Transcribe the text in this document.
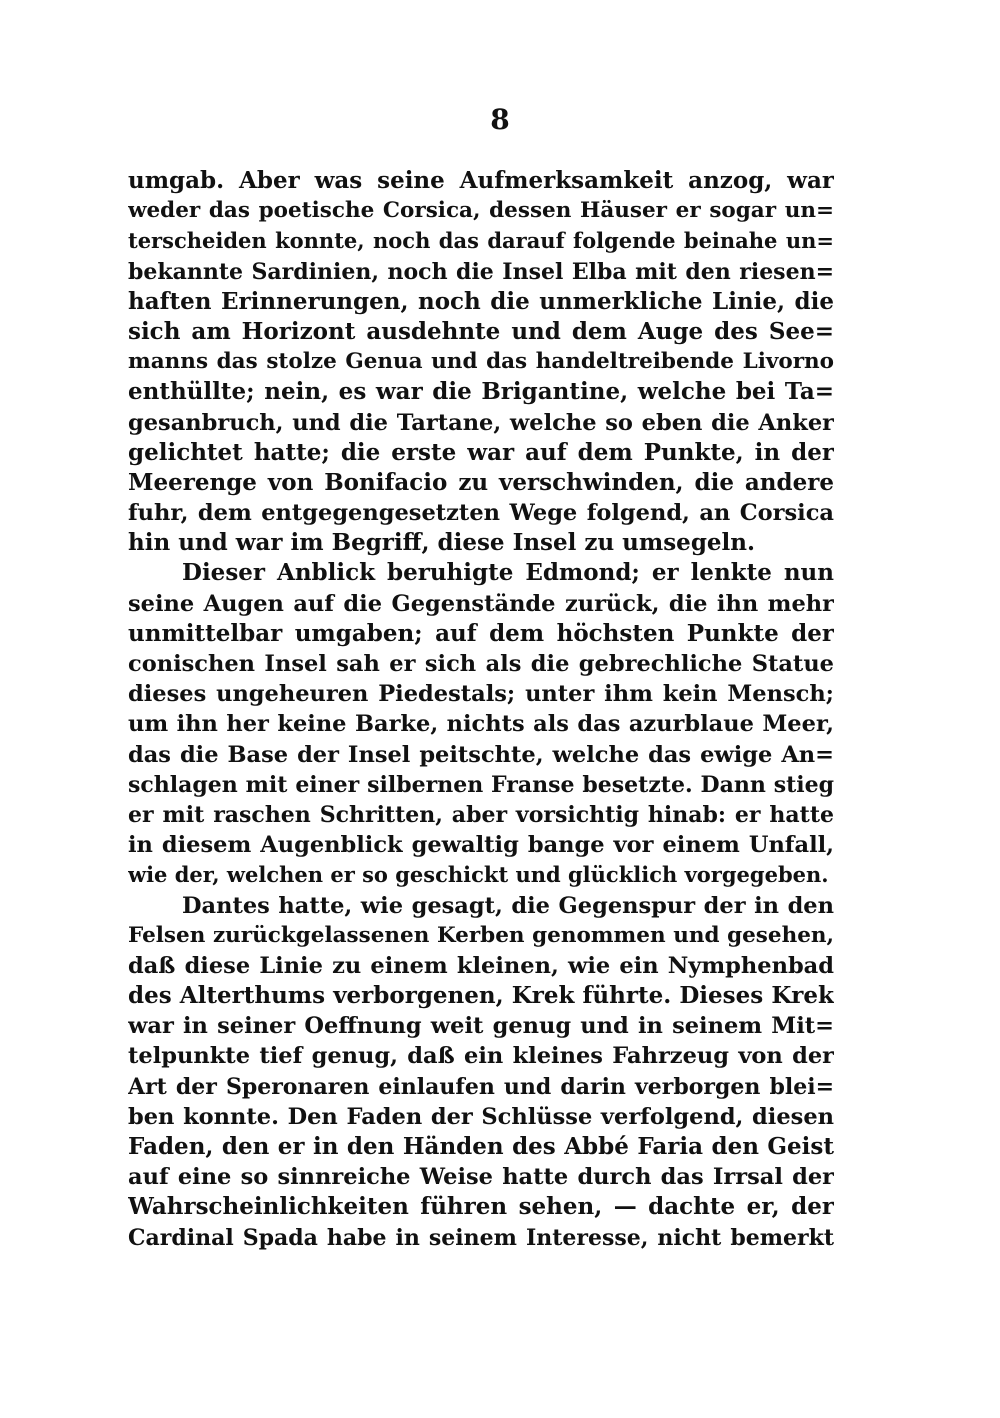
8
umgab. Aber was seine Aufmerksamkeit anzog, war
weder das poetische Corsica, dessen Häuser er sogar un=
terscheiden konnte, noch das darauf folgende beinahe un=
bekannte Sardinien, noch die Insel Elba mit den riesen=
haften Erinnerungen, noch die unmerkliche Linie, die
sich am Horizont ausdehnte und dem Auge des See=
manns das stolze Genua und das handeltreibende Livorno
enthüllte; nein, es war die Brigantine, welche bei Ta=
gesanbruch, und die Tartane, welche so eben die Anker
gelichtet hatte; die erste war auf dem Punkte, in der
Meerenge von Bonifacio zu verschwinden, die andere
fuhr, dem entgegengesetzten Wege folgend, an Corsica
hin und war im Begriff, diese Insel zu umsegeln.
Dieser Anblick beruhigte Edmond; er lenkte nun
seine Augen auf die Gegenstände zurück, die ihn mehr
unmittelbar umgaben; auf dem höchsten Punkte der
conischen Insel sah er sich als die gebrechliche Statue
dieses ungeheuren Piedestals; unter ihm kein Mensch;
um ihn her keine Barke, nichts als das azurblaue Meer,
das die Base der Insel peitschte, welche das ewige An=
schlagen mit einer silbernen Franse besetzte. Dann stieg
er mit raschen Schritten, aber vorsichtig hinab: er hatte
in diesem Augenblick gewaltig bange vor einem Unfall,
wie der, welchen er so geschickt und glücklich vorgegeben.
Dantes hatte, wie gesagt, die Gegenspur der in den
Felsen zurückgelassenen Kerben genommen und gesehen,
daß diese Linie zu einem kleinen, wie ein Nymphenbad
des Alterthums verborgenen, Krek führte. Dieses Krek
war in seiner Oeffnung weit genug und in seinem Mit=
telpunkte tief genug, daß ein kleines Fahrzeug von der
Art der Speronaren einlaufen und darin verborgen blei=
ben konnte. Den Faden der Schlüsse verfolgend, diesen
Faden, den er in den Händen des Abbé Faria den Geist
auf eine so sinnreiche Weise hatte durch das Irrsal der
Wahrscheinlichkeiten führen sehen, — dachte er, der
Cardinal Spada habe in seinem Interesse, nicht bemerkt
